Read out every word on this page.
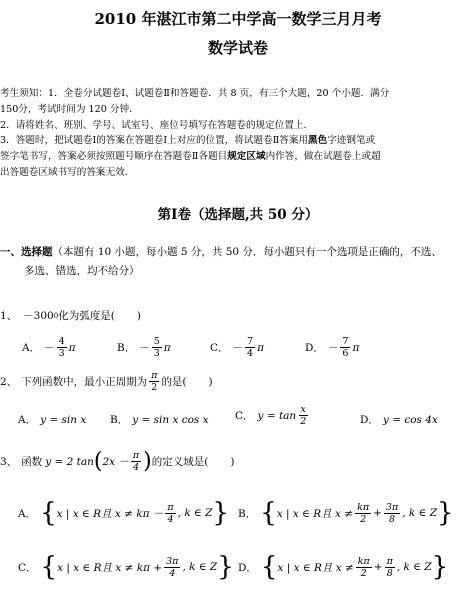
2010 年湛江市第二中学高一数学三月月考
数学试卷
考生须知：1．全卷分试题卷Ⅰ、试题卷Ⅱ和答题卷．共 8 页，有三个大题，20 个小题．满分
150分，考试时间为 120 分钟．
2．请将姓名、班别、学号、试室号、座位号填写在答题卷的规定位置上．
3．答题时，把试题卷Ⅰ的答案在答题卷Ⅰ上对应的位置，将试题卷Ⅱ答案用黑色字迹钢笔或
签字笔书写，答案必须按照题号顺序在答题卷Ⅱ各题目规定区域内作答，做在试题卷上或超
出答题卷区域书写的答案无效．
第Ⅰ卷（选择题,共 50 分）
一、选择题（本题有 10 小题，每小题 5 分，共 50 分．每小题只有一个选项是正确的，不选、
多选、错选，均不给分）
1、 －300 0 化为弧度是( )
A． － $\frac{4}{3}$ π	B． － $\frac{5}{3}$ π	C． － $\frac{7}{4}$ π	D． － $\frac{7}{6}$ π
2、 下列函数中，最小正周期为 $\frac{\pi}{2}$ 的是( )
A． y = sin x B． y = sin x cos x	C． $y = \tan \frac{x}{2}$	D． y = cos 4x
3、 函数 y = 2 tan ( $2x - \frac{\pi}{4}$ ) 的定义域是( )
A． { x | x ∈ R且 $x \ne k\pi - \frac{\pi}{4}$ , k ∈ Z } B． { x | x ∈ R且 $x \ne \frac{k\pi}{2} + \frac{3\pi}{8}$ , k ∈ Z }
C． { x | x ∈ R且 $x \ne k\pi + \frac{3\pi}{4}$ , k ∈ Z } D． { x | x ∈ R且 $x \ne \frac{k\pi}{2} + \frac{\pi}{8}$ , k ∈ Z }
